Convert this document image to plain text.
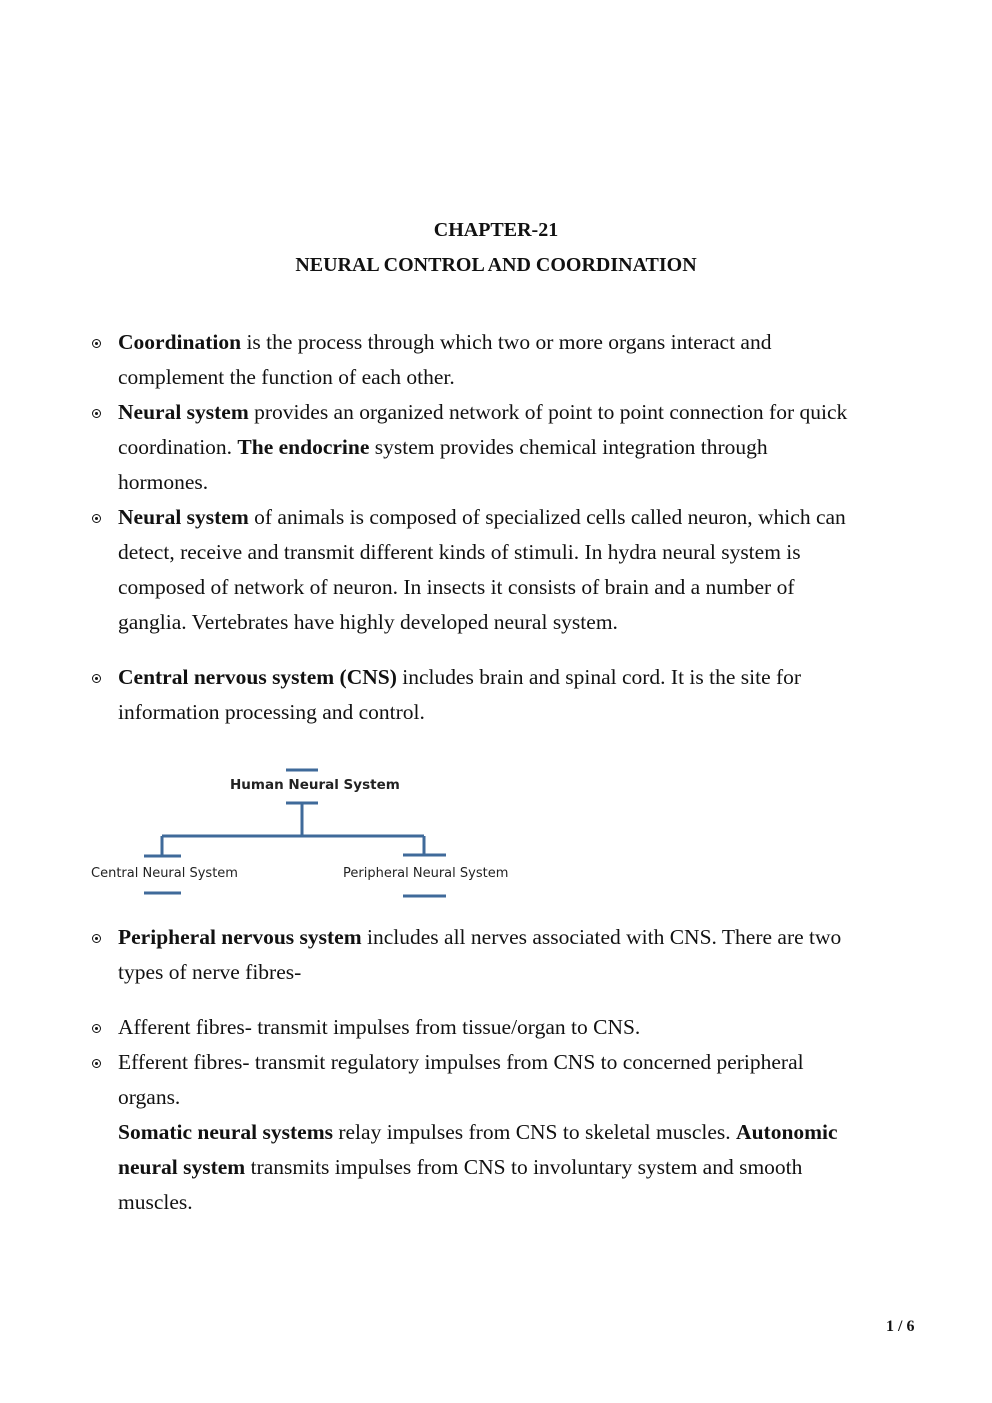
CHAPTER-21
NEURAL CONTROL AND COORDINATION
Coordination is the process through which two or more organs interact and
complement the function of each other.
Neural system provides an organized network of point to point connection for quick
coordination. The endocrine system provides chemical integration through
hormones.
Neural system of animals is composed of specialized cells called neuron, which can
detect, receive and transmit different kinds of stimuli. In hydra neural system is
composed of network of neuron. In insects it consists of brain and a number of
ganglia. Vertebrates have highly developed neural system.
Central nervous system (CNS) includes brain and spinal cord. It is the site for
information processing and control.
Peripheral nervous system includes all nerves associated with CNS. There are two
types of nerve fibres-
Afferent fibres- transmit impulses from tissue/organ to CNS.
Efferent fibres- transmit regulatory impulses from CNS to concerned peripheral
organs.
Somatic neural systems relay impulses from CNS to skeletal muscles. Autonomic
neural system transmits impulses from CNS to involuntary system and smooth
muscles.
Human Neural System
Central Neural System	Peripheral Neural System
1 / 6
